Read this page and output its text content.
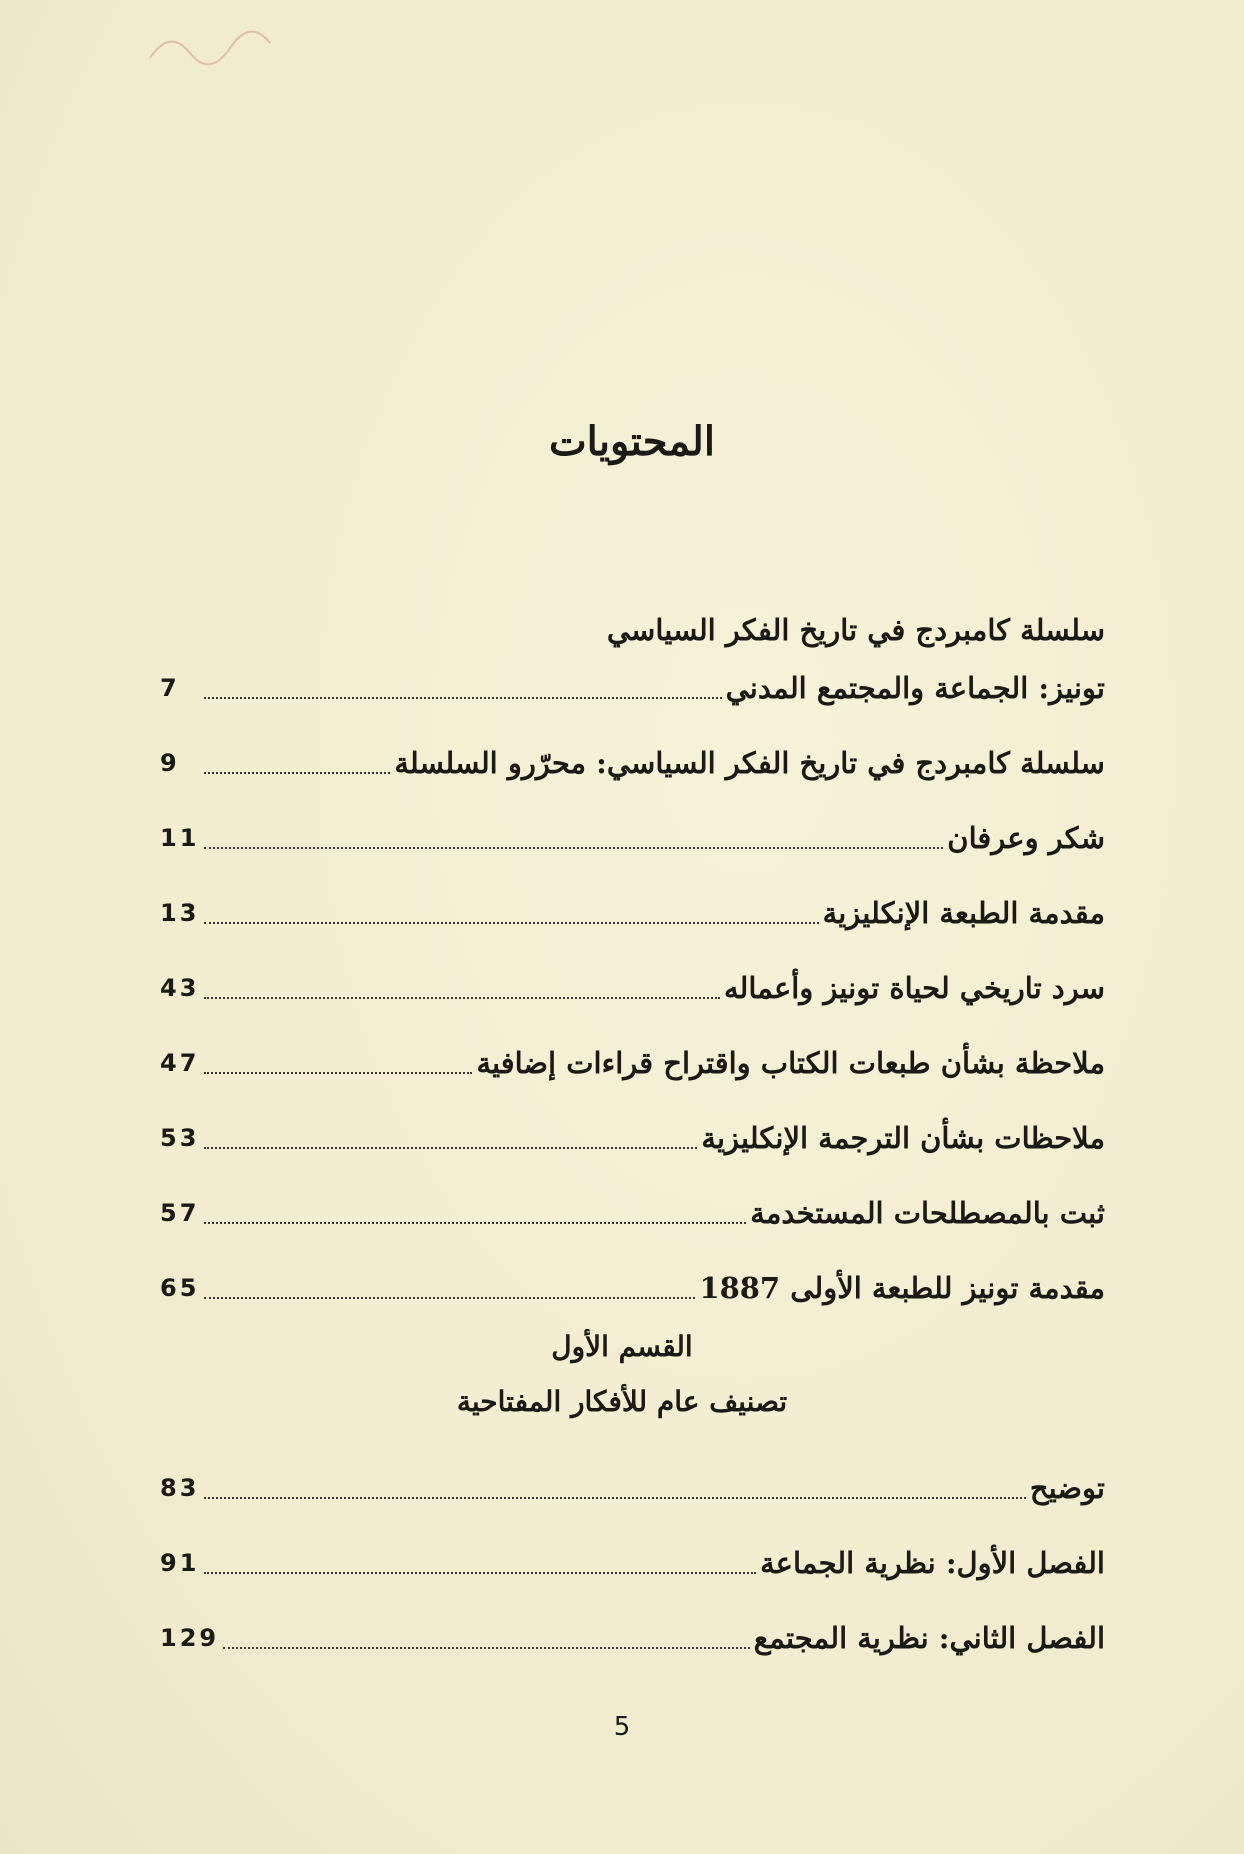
المحتويات
سلسلة كامبردج في تاريخ الفكر السياسي
تونيز: الجماعة والمجتمع المدني
7
سلسلة كامبردج في تاريخ الفكر السياسي: محرّرو السلسلة
9
شكر وعرفان
11
مقدمة الطبعة الإنكليزية
13
سرد تاريخي لحياة تونيز وأعماله
43
ملاحظة بشأن طبعات الكتاب واقتراح قراءات إضافية
47
ملاحظات بشأن الترجمة الإنكليزية
53
ثبت بالمصطلحات المستخدمة
57
مقدمة تونيز للطبعة الأولى 1887
65
القسم الأول
تصنيف عام للأفكار المفتاحية
توضيح
83
الفصل الأول: نظرية الجماعة
91
الفصل الثاني: نظرية المجتمع
129
5
